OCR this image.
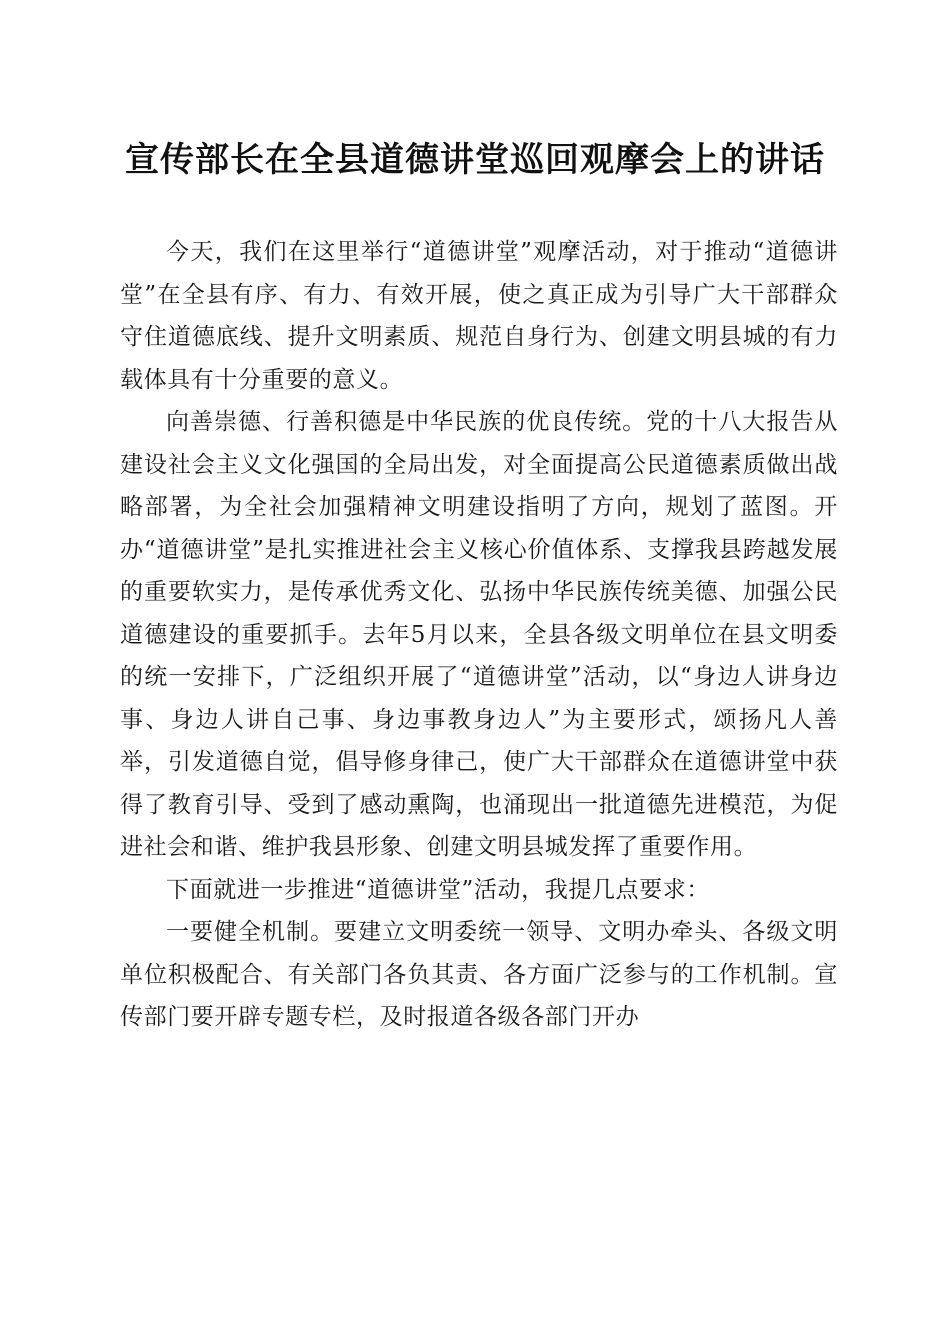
宣传部长在全县道德讲堂巡回观摩会上的讲话

今天，我们在这里举行“道德讲堂”观摩活动，对于推动“道德讲堂”在全县有序、有力、有效开展，使之真正成为引导广大干部群众守住道德底线、提升文明素质、规范自身行为、创建文明县城的有力载体具有十分重要的意义。

向善崇德、行善积德是中华民族的优良传统。党的十八大报告从建设社会主义文化强国的全局出发，对全面提高公民道德素质做出战略部署，为全社会加强精神文明建设指明了方向，规划了蓝图。开办“道德讲堂”是扎实推进社会主义核心价值体系、支撑我县跨越发展的重要软实力，是传承优秀文化、弘扬中华民族传统美德、加强公民道德建设的重要抓手。去年5月以来，全县各级文明单位在县文明委的统一安排下，广泛组织开展了“道德讲堂”活动，以“身边人讲身边事、身边人讲自己事、身边事教身边人”为主要形式，颂扬凡人善举，引发道德自觉，倡导修身律己，使广大干部群众在道德讲堂中获得了教育引导、受到了感动熏陶，也涌现出一批道德先进模范，为促进社会和谐、维护我县形象、创建文明县城发挥了重要作用。

下面就进一步推进“道德讲堂”活动，我提几点要求：

一要健全机制。要建立文明委统一领导、文明办牵头、各级文明单位积极配合、有关部门各负其责、各方面广泛参与的工作机制。宣传部门要开辟专题专栏，及时报道各级各部门开办
